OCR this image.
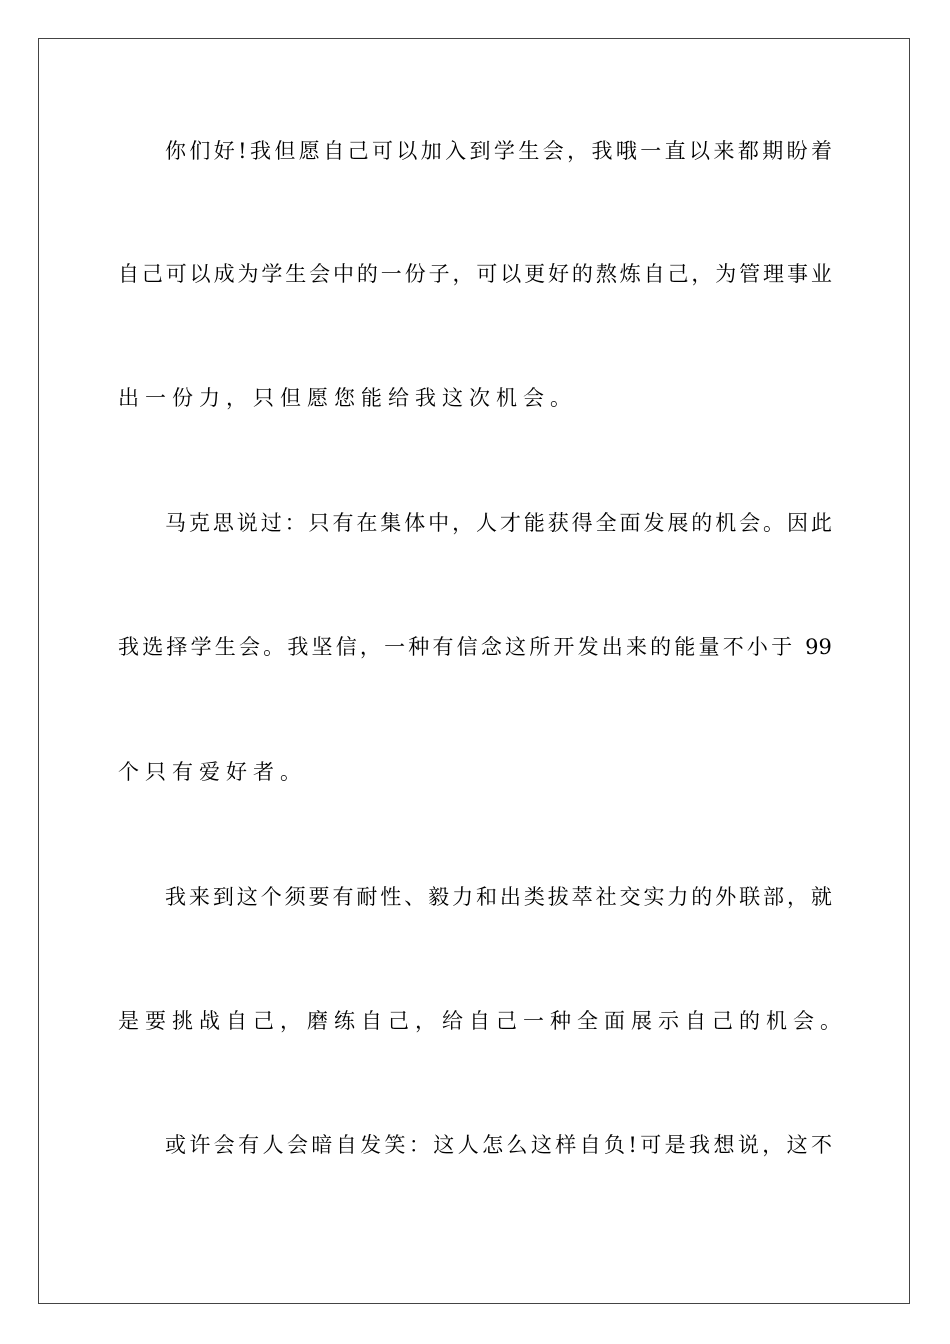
你 们 好 ! 我 但 愿 自 己 可 以 加 入 到 学 生 会 ， 我 哦 一 直 以 来 都 期 盼 着
自 己 可 以 成 为 学 生 会 中 的 一 份 子 ， 可 以 更 好 的 熬 炼 自 己 ， 为 管 理 事 业
出一份力，只但愿您能给我这次机会。
马 克 思 说 过 ： 只 有 在 集 体 中 ， 人 才 能 获 得 全 面 发 展 的 机 会 。 因 此
我 选 择 学 生 会 。 我 坚 信 ， 一 种 有 信 念 这 所 开 发 出 来 的 能 量 不 小 于
99
个只有爱好者。
我 来 到 这 个 须 要 有 耐 性 、 毅 力 和 出 类 拔 萃 社 交 实 力 的 外 联 部 ， 就
是要挑战自己，磨练自己，给自己一种全面展示自己的机会。
或 许 会 有 人 会 暗 自 发 笑 ： 这 人 怎 么 这 样 自 负 ! 可 是 我 想 说 ， 这 不
